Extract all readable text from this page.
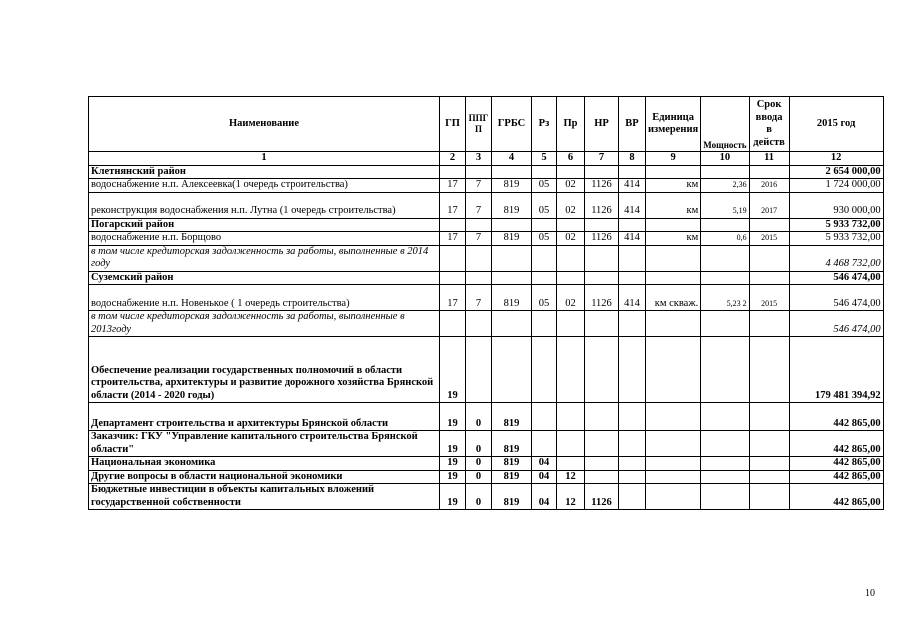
Наименование	ГП	ППГП	ГРБС	Рз	Пр	НР	ВР	Единица измерения	Мощность	Срок ввода в действ	2015 год
1	2	3	4	5	6	7	8	9	10	11	12
Клетнянский район											2 654 000,00
водоснабжение н.п. Алексеевка(1 очередь строительства)	17	7	819	05	02	1126	414	км	2,36	2016	1 724 000,00
реконструкция водоснабжения н.п. Лутна (1 очередь строительства)	17	7	819	05	02	1126	414	км	5,19	2017	930 000,00
Погарский район											5 933 732,00
водоснабжение н.п. Борщово	17	7	819	05	02	1126	414	км	0,6	2015	5 933 732,00
в том числе кредиторская задолженность за работы, выполненные в 2014 году											4 468 732,00
Суземский район											546 474,00
водоснабжение н.п. Новенькое ( 1 очередь строительства)	17	7	819	05	02	1126	414	км скваж.	5,23 2	2015	546 474,00
в том числе кредиторская задолженность за работы, выполненные в 2013году											546 474,00
Обеспечение реализации государственных полномочий в области строительства, архитектуры и развитие дорожного хозяйства Брянской области (2014 - 2020 годы)	19										179 481 394,92
Департамент строительства и архитектуры Брянской области	19	0	819								442 865,00
Заказчик: ГКУ "Управление капитального строительства Брянской области"	19	0	819								442 865,00
Национальная экономика	19	0	819	04							442 865,00
Другие вопросы в области национальной экономики	19	0	819	04	12						442 865,00
Бюджетные инвестиции в объекты капитальных вложений государственной собственности	19	0	819	04	12	1126					442 865,00
10
